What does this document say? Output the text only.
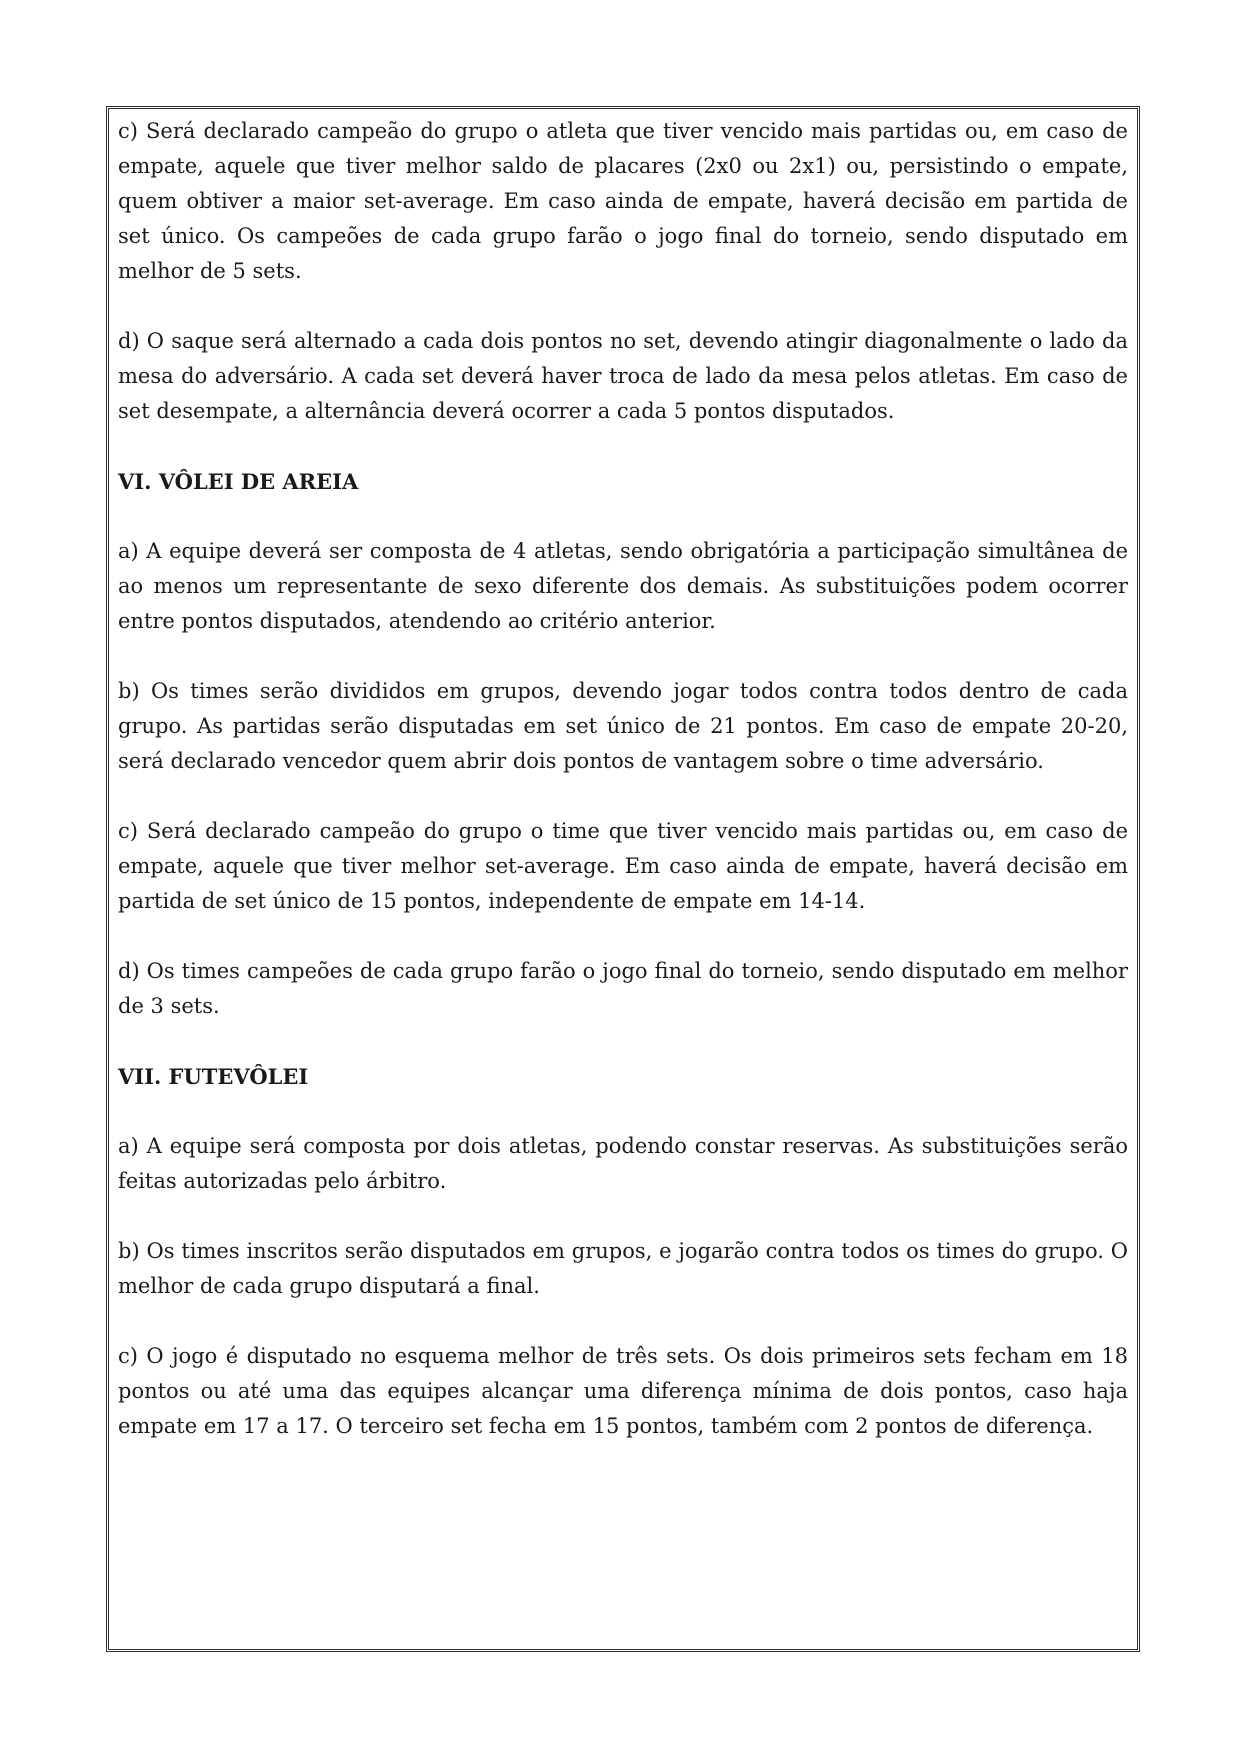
c) Será declarado campeão do grupo o atleta que tiver vencido mais partidas ou, em caso de empate, aquele que tiver melhor saldo de placares (2x0 ou 2x1) ou, persistindo o empate, quem obtiver a maior set-average. Em caso ainda de empate, haverá decisão em partida de set único. Os campeões de cada grupo farão o jogo final do torneio, sendo disputado em melhor de 5 sets.

d) O saque será alternado a cada dois pontos no set, devendo atingir diagonalmente o lado da mesa do adversário. A cada set deverá haver troca de lado da mesa pelos atletas. Em caso de set desempate, a alternância deverá ocorrer a cada 5 pontos disputados.

VI. VÔLEI DE AREIA

a) A equipe deverá ser composta de 4 atletas, sendo obrigatória a participação simultânea de ao menos um representante de sexo diferente dos demais. As substituições podem ocorrer entre pontos disputados, atendendo ao critério anterior.

b) Os times serão divididos em grupos, devendo jogar todos contra todos dentro de cada grupo. As partidas serão disputadas em set único de 21 pontos. Em caso de empate 20-20, será declarado vencedor quem abrir dois pontos de vantagem sobre o time adversário.

c) Será declarado campeão do grupo o time que tiver vencido mais partidas ou, em caso de empate, aquele que tiver melhor set-average. Em caso ainda de empate, haverá decisão em partida de set único de 15 pontos, independente de empate em 14-14.

d) Os times campeões de cada grupo farão o jogo final do torneio, sendo disputado em melhor de 3 sets.

VII. FUTEVÔLEI

a) A equipe será composta por dois atletas, podendo constar reservas. As substituições serão feitas autorizadas pelo árbitro.

b) Os times inscritos serão disputados em grupos, e jogarão contra todos os times do grupo. O melhor de cada grupo disputará a final.

c) O jogo é disputado no esquema melhor de três sets. Os dois primeiros sets fecham em 18 pontos ou até uma das equipes alcançar uma diferença mínima de dois pontos, caso haja empate em 17 a 17. O terceiro set fecha em 15 pontos, também com 2 pontos de diferença.
